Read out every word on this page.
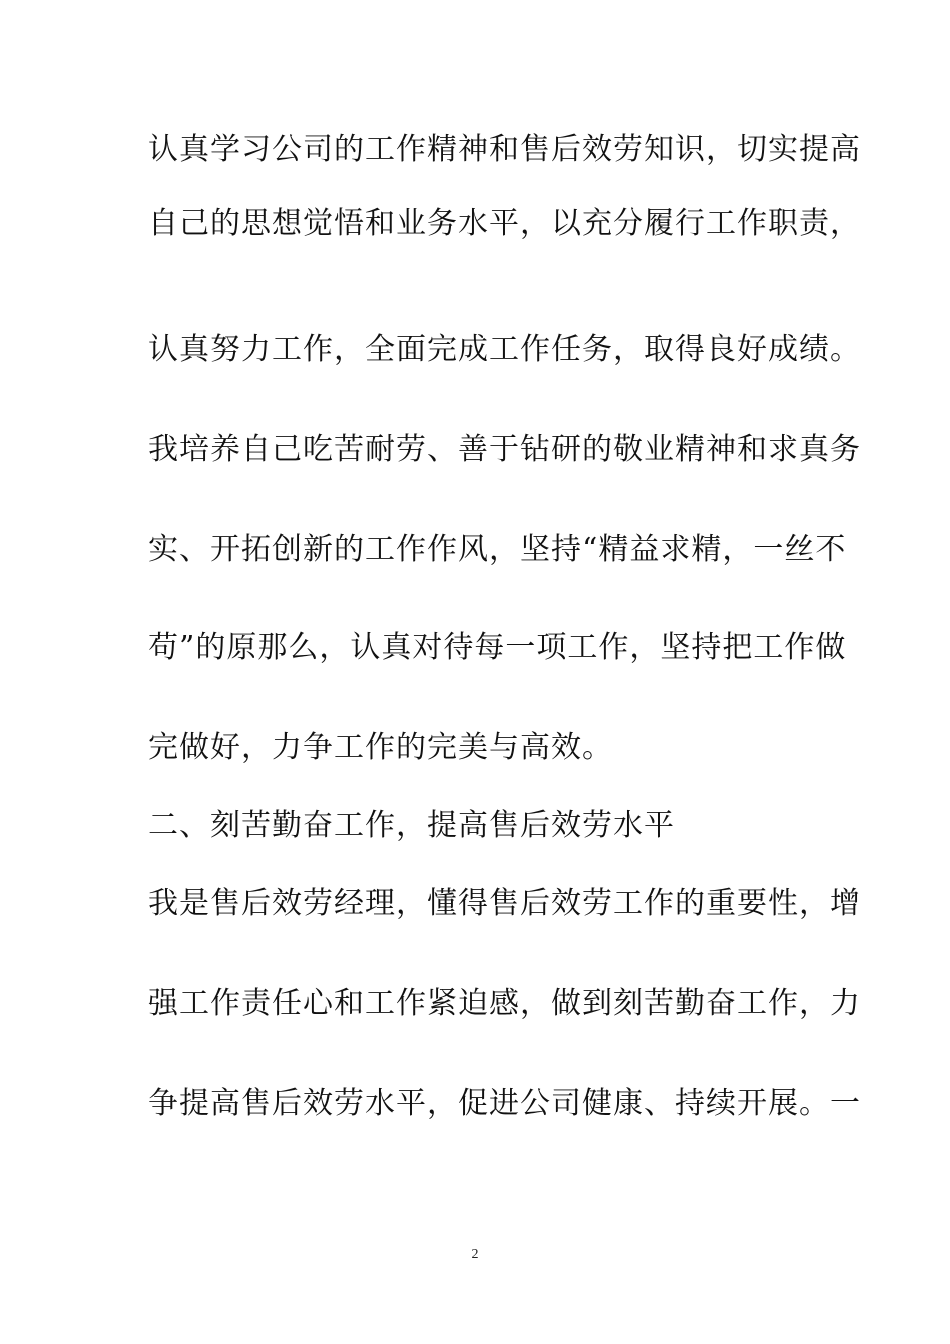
认真学习公司的工作精神和售后效劳知识，切实提高
自己的思想觉悟和业务水平，以充分履行工作职责，
认真努力工作，全面完成工作任务，取得良好成绩。
我培养自己吃苦耐劳、善于钻研的敬业精神和求真务
实、开拓创新的工作作风，坚持“精益求精，一丝不
苟”的原那么，认真对待每一项工作，坚持把工作做
完做好，力争工作的完美与高效。
二、刻苦勤奋工作，提高售后效劳水平
我是售后效劳经理，懂得售后效劳工作的重要性，增
强工作责任心和工作紧迫感，做到刻苦勤奋工作，力
争提高售后效劳水平，促进公司健康、持续开展。一
2
